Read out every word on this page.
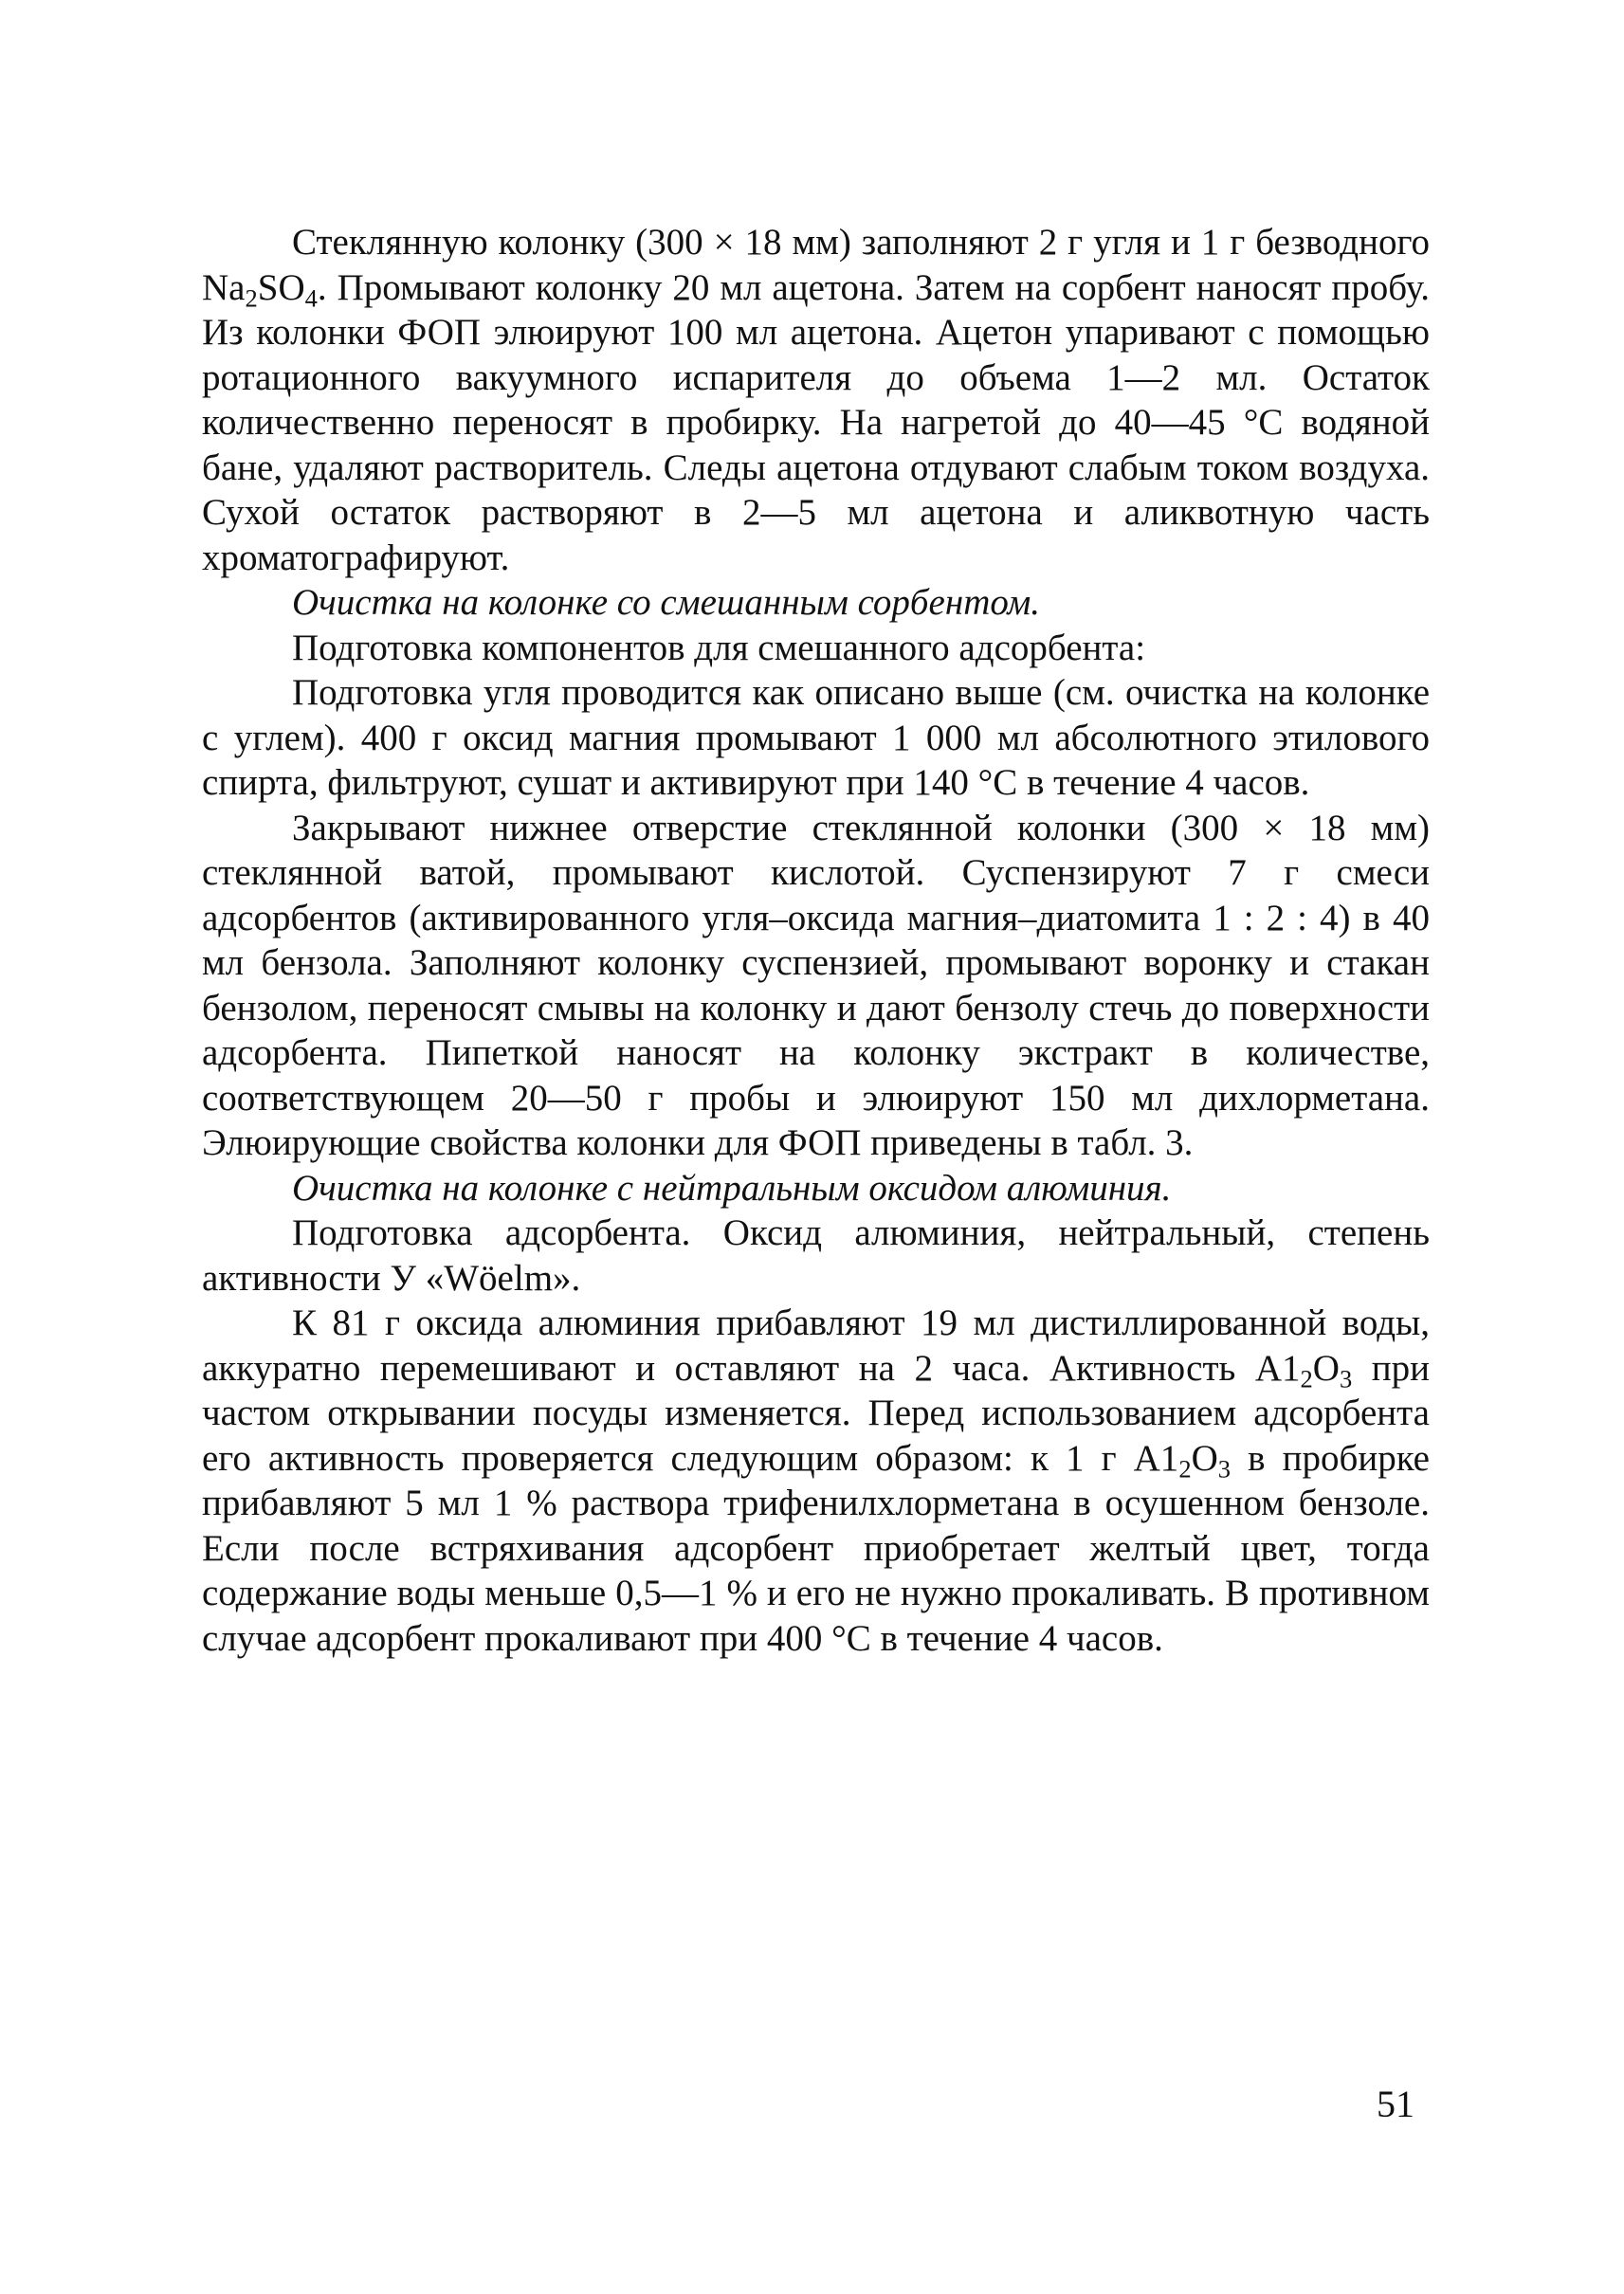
Стеклянную колонку (300 × 18 мм) заполняют 2 г угля и 1 г безводного $Na_2SO_4$. Промывают колонку 20 мл ацетона. Затем на сорбент наносят пробу. Из колонки ФОП элюируют 100 мл ацетона. Ацетон упаривают с помощью ротационного вакуумного испарителя до объема 1—2 мл. Остаток количественно переносят в пробирку. На нагретой до 40—45 °C водяной бане, удаляют растворитель. Следы ацетона отдувают слабым током воздуха. Сухой остаток растворяют в 2—5 мл ацетона и аликвотную часть хроматографируют.

Очистка на колонке со смешанным сорбентом.

Подготовка компонентов для смешанного адсорбента:

Подготовка угля проводится как описано выше (см. очистка на колонке с углем). 400 г оксид магния промывают 1 000 мл абсолютного этилового спирта, фильтруют, сушат и активируют при 140 °C в течение 4 часов.

Закрывают нижнее отверстие стеклянной колонки (300 × 18 мм) стеклянной ватой, промывают кислотой. Суспензируют 7 г смеси адсорбентов (активированного угля–оксида магния–диатомита 1 : 2 : 4) в 40 мл бензола. Заполняют колонку суспензией, промывают воронку и стакан бензолом, переносят смывы на колонку и дают бензолу стечь до поверхности адсорбента. Пипеткой наносят на колонку экстракт в количестве, соответствующем 20—50 г пробы и элюируют 150 мл дихлорметана. Элюирующие свойства колонки для ФОП приведены в табл. 3.

Очистка на колонке с нейтральным оксидом алюминия.

Подготовка адсорбента. Оксид алюминия, нейтральный, степень активности У «Wöelm».

К 81 г оксида алюминия прибавляют 19 мл дистиллированной воды, аккуратно перемешивают и оставляют на 2 часа. Активность $A1_2O_3$ при частом открывании посуды изменяется. Перед использованием адсорбента его активность проверяется следующим образом: к 1 г $A1_2O_3$ в пробирке прибавляют 5 мл 1 % раствора трифенилхлорметана в осушенном бензоле. Если после встряхивания адсорбент приобретает желтый цвет, тогда содержание воды меньше 0,5—1 % и его не нужно прокаливать. В противном случае адсорбент прокаливают при 400 °C в течение 4 часов.

51
